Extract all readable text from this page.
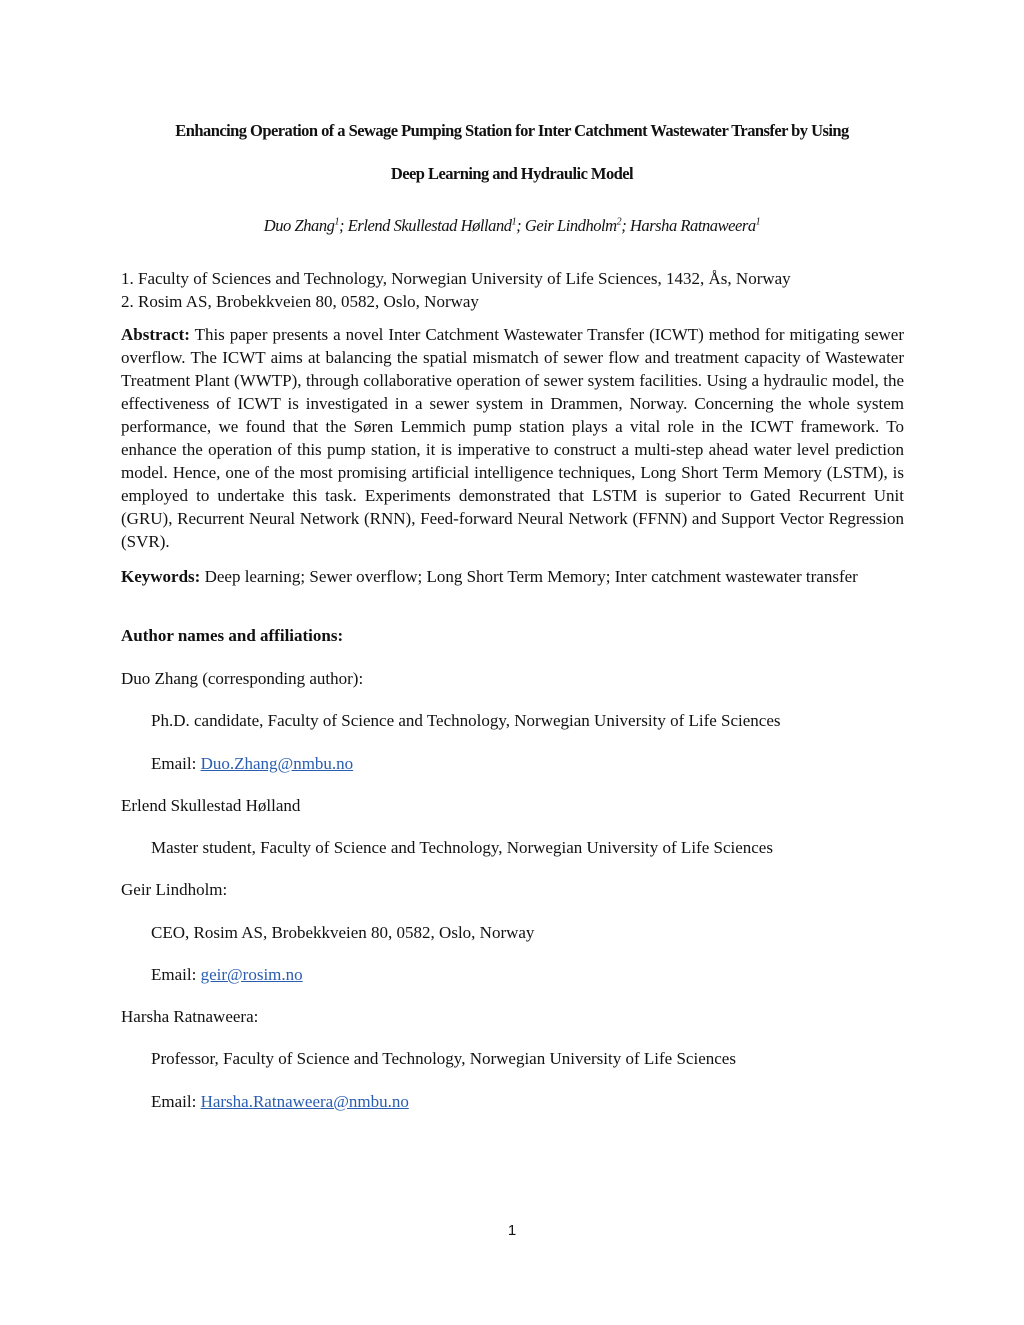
Enhancing Operation of a Sewage Pumping Station for Inter Catchment Wastewater Transfer by Using
Deep Learning and Hydraulic Model
Duo Zhang$^1$; Erlend Skullestad Hølland$^1$; Geir Lindholm$^2$; Harsha Ratnaweera$^1$
1. Faculty of Sciences and Technology, Norwegian University of Life Sciences, 1432, Ås, Norway
2. Rosim AS, Brobekkveien 80, 0582, Oslo, Norway
Abstract: This paper presents a novel Inter Catchment Wastewater Transfer (ICWT) method for mitigating sewer overflow. The ICWT aims at balancing the spatial mismatch of sewer flow and treatment capacity of Wastewater Treatment Plant (WWTP), through collaborative operation of sewer system facilities. Using a hydraulic model, the effectiveness of ICWT is investigated in a sewer system in Drammen, Norway. Concerning the whole system performance, we found that the Søren Lemmich pump station plays a vital role in the ICWT framework. To enhance the operation of this pump station, it is imperative to construct a multi-step ahead water level prediction model. Hence, one of the most promising artificial intelligence techniques, Long Short Term Memory (LSTM), is employed to undertake this task. Experiments demonstrated that LSTM is superior to Gated Recurrent Unit (GRU), Recurrent Neural Network (RNN), Feed-forward Neural Network (FFNN) and Support Vector Regression (SVR).
Keywords: Deep learning; Sewer overflow; Long Short Term Memory; Inter catchment wastewater transfer
Author names and affiliations:
Duo Zhang (corresponding author):
Ph.D. candidate, Faculty of Science and Technology, Norwegian University of Life Sciences
Email: Duo.Zhang@nmbu.no
Erlend Skullestad Hølland
Master student, Faculty of Science and Technology, Norwegian University of Life Sciences
Geir Lindholm:
CEO, Rosim AS, Brobekkveien 80, 0582, Oslo, Norway
Email: geir@rosim.no
Harsha Ratnaweera:
Professor, Faculty of Science and Technology, Norwegian University of Life Sciences
Email: Harsha.Ratnaweera@nmbu.no
1
